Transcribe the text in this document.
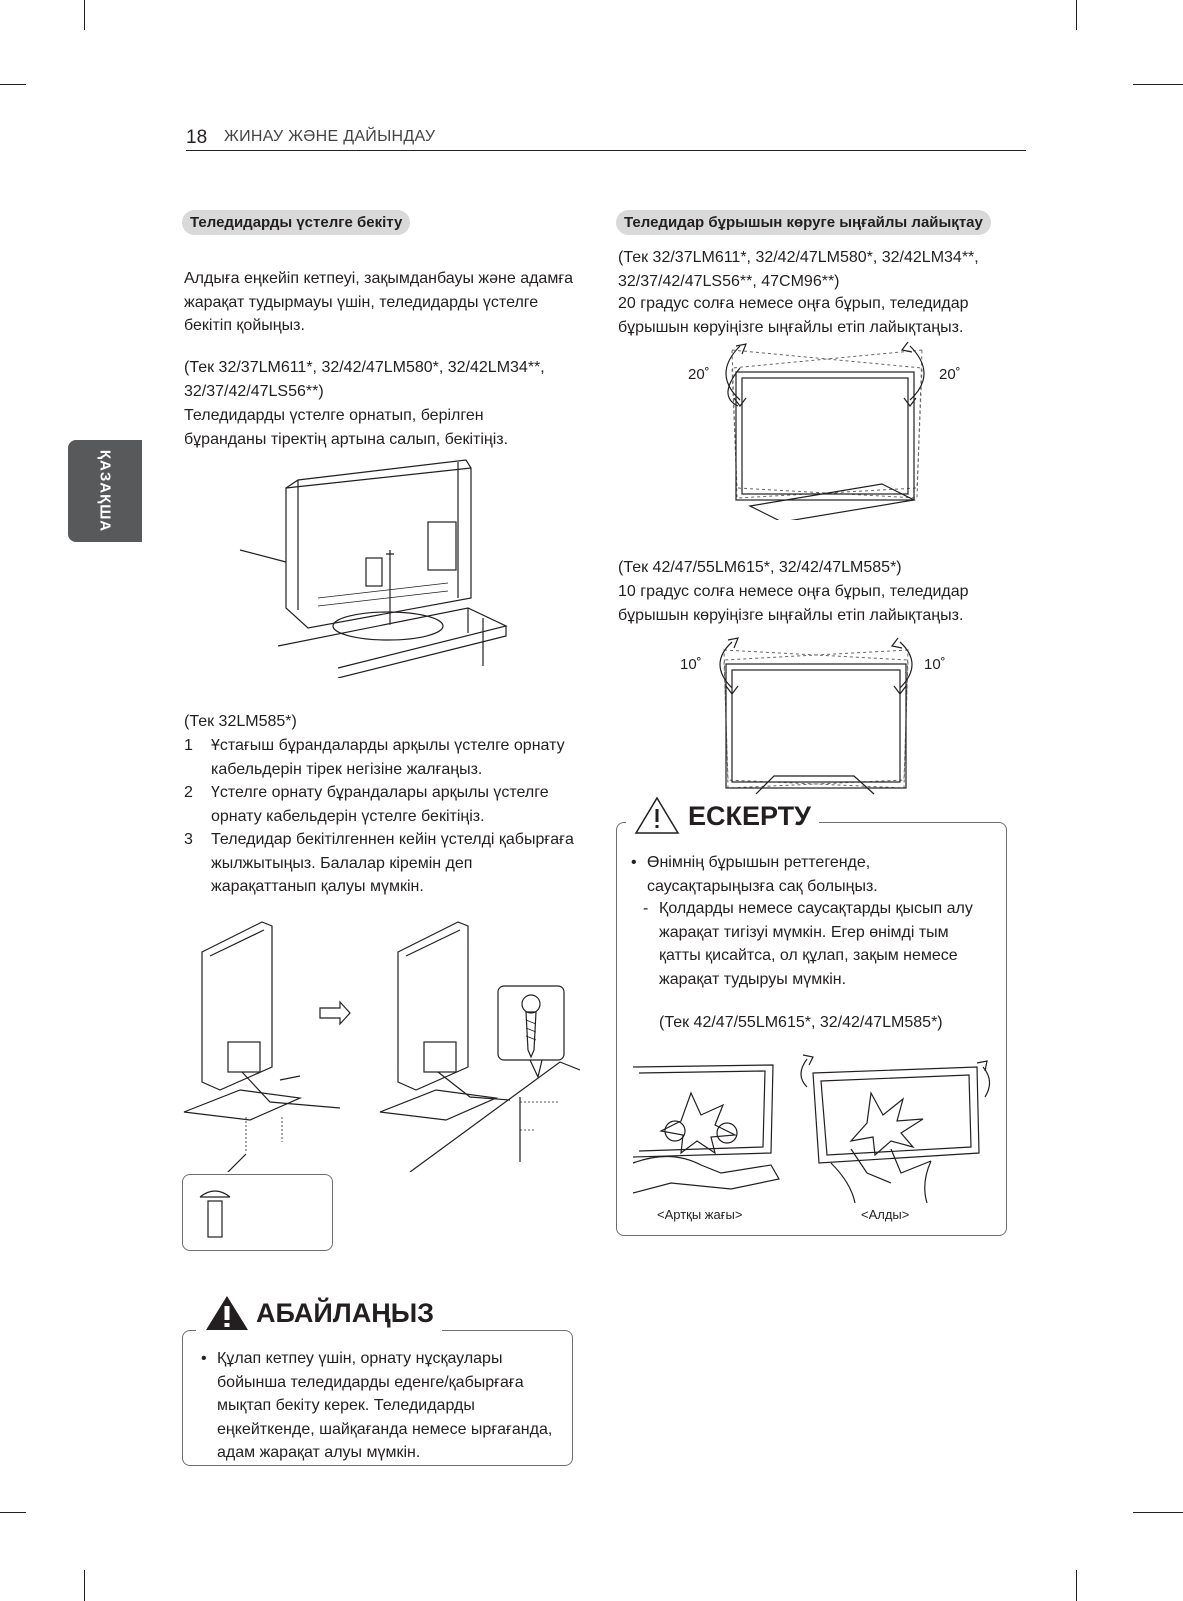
18 ЖИНАУ ЖӘНЕ ДАЙЫНДАУ
ҚАЗАҚША
Теледидарды үстелге бекіту
Алдыға еңкейіп кетпеуі, зақымданбауы және адамға жарақат тудырмауы үшін, теледидарды үстелге бекітіп қойыңыз.
(Тек 32/37LM611*, 32/42/47LM580*, 32/42LM34**, 32/37/42/47LS56**)
Теледидарды үстелге орнатып, берілген бұранданы тіректің артына салып, бекітіңіз.
(Тек 32LM585*)
1 Ұстағыш бұрандаларды арқылы үстелге орнату кабельдерін тірек негізіне жалғаңыз.
2 Үстелге орнату бұрандалары арқылы үстелге орнату кабельдерін үстелге бекітіңіз.
3 Теледидар бекітілгеннен кейін үстелді қабырғаға жылжытыңыз. Балалар кіремін деп жарақаттанып қалуы мүмкін.
• Құлап кетпеу үшін, орнату нұсқаулары бойынша теледидарды еденге/қабырғаға мықтап бекіту керек. Теледидарды еңкейткенде, шайқағанда немесе ырғағанда, адам жарақат алуы мүмкін.
АБАЙЛАҢЫЗ
Теледидар бұрышын көруге ыңғайлы лайықтау
(Тек 32/37LM611*, 32/42/47LM580*, 32/42LM34**, 32/37/42/47LS56**, 47CM96**)
20 градус солға немесе оңға бұрып, теледидар бұрышын көруіңізге ыңғайлы етіп лайықтаңыз.
20˚	20˚
(Тек 42/47/55LM615*, 32/42/47LM585*)
10 градус солға немесе оңға бұрып, теледидар бұрышын көруіңізге ыңғайлы етіп лайықтаңыз.
10˚	10˚
• Өнімнің бұрышын реттегенде, саусақтарыңызға сақ болыңыз.
- Қолдарды немесе саусақтарды қысып алу жарақат тигізуі мүмкін. Егер өнімді тым қатты қисайтса, ол құлап, зақым немесе жарақат тудыруы мүмкін.
(Тек 42/47/55LM615*, 32/42/47LM585*)
<Артқы жағы>	<Алды>
ЕСКЕРТУ
